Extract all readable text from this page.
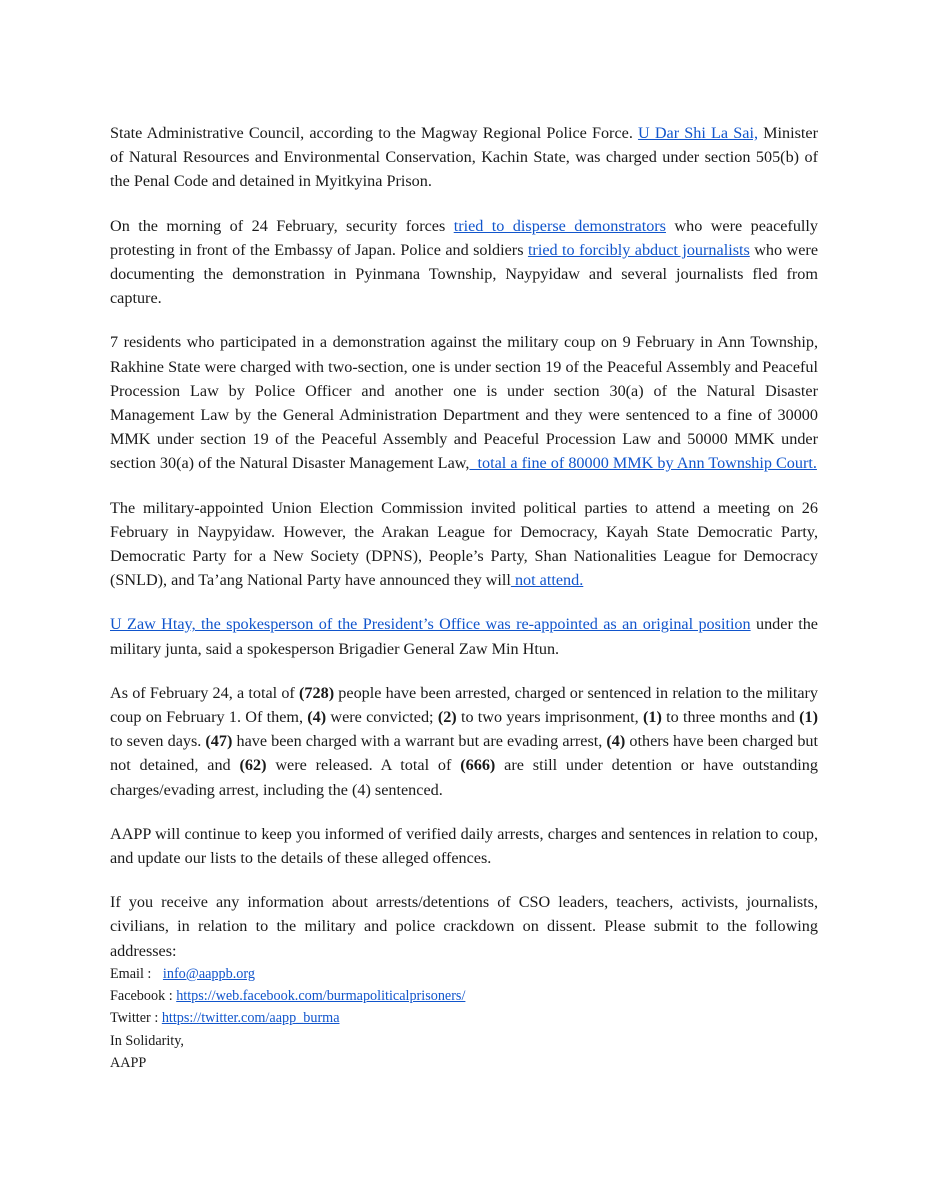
State Administrative Council, according to the Magway Regional Police Force. U Dar Shi La Sai, Minister of Natural Resources and Environmental Conservation, Kachin State, was charged under section 505(b) of the Penal Code and detained in Myitkyina Prison.

On the morning of 24 February, security forces tried to disperse demonstrators who were peacefully protesting in front of the Embassy of Japan. Police and soldiers tried to forcibly abduct journalists who were documenting the demonstration in Pyinmana Township, Naypyidaw and several journalists fled from capture.

7 residents who participated in a demonstration against the military coup on 9 February in Ann Township, Rakhine State were charged with two-section, one is under section 19 of the Peaceful Assembly and Peaceful Procession Law by Police Officer and another one is under section 30(a) of the Natural Disaster Management Law by the General Administration Department and they were sentenced to a fine of 30000 MMK under section 19 of the Peaceful Assembly and Peaceful Procession Law and 50000 MMK under section 30(a) of the Natural Disaster Management Law,  total a fine of 80000 MMK by Ann Township Court.

The military-appointed Union Election Commission invited political parties to attend a meeting on 26 February in Naypyidaw. However, the Arakan League for Democracy, Kayah State Democratic Party, Democratic Party for a New Society (DPNS), People’s Party, Shan Nationalities League for Democracy (SNLD), and Ta’ang National Party have announced they will not attend.

U Zaw Htay, the spokesperson of the President’s Office was re-appointed as an original position under the military junta, said a spokesperson Brigadier General Zaw Min Htun.

As of February 24, a total of (728) people have been arrested, charged or sentenced in relation to the military coup on February 1. Of them, (4) were convicted; (2) to two years imprisonment, (1) to three months and (1) to seven days. (47) have been charged with a warrant but are evading arrest, (4) others have been charged but not detained, and (62) were released. A total of (666) are still under detention or have outstanding charges/evading arrest, including the (4) sentenced.

AAPP will continue to keep you informed of verified daily arrests, charges and sentences in relation to coup, and update our lists to the details of these alleged offences.

If you receive any information about arrests/detentions of CSO leaders, teachers, activists, journalists, civilians, in relation to the military and police crackdown on dissent. Please submit to the following addresses:

Email : info@aappb.org
Facebook : https://web.facebook.com/burmapoliticalprisoners/
Twitter : https://twitter.com/aapp_burma
In Solidarity,
AAPP
